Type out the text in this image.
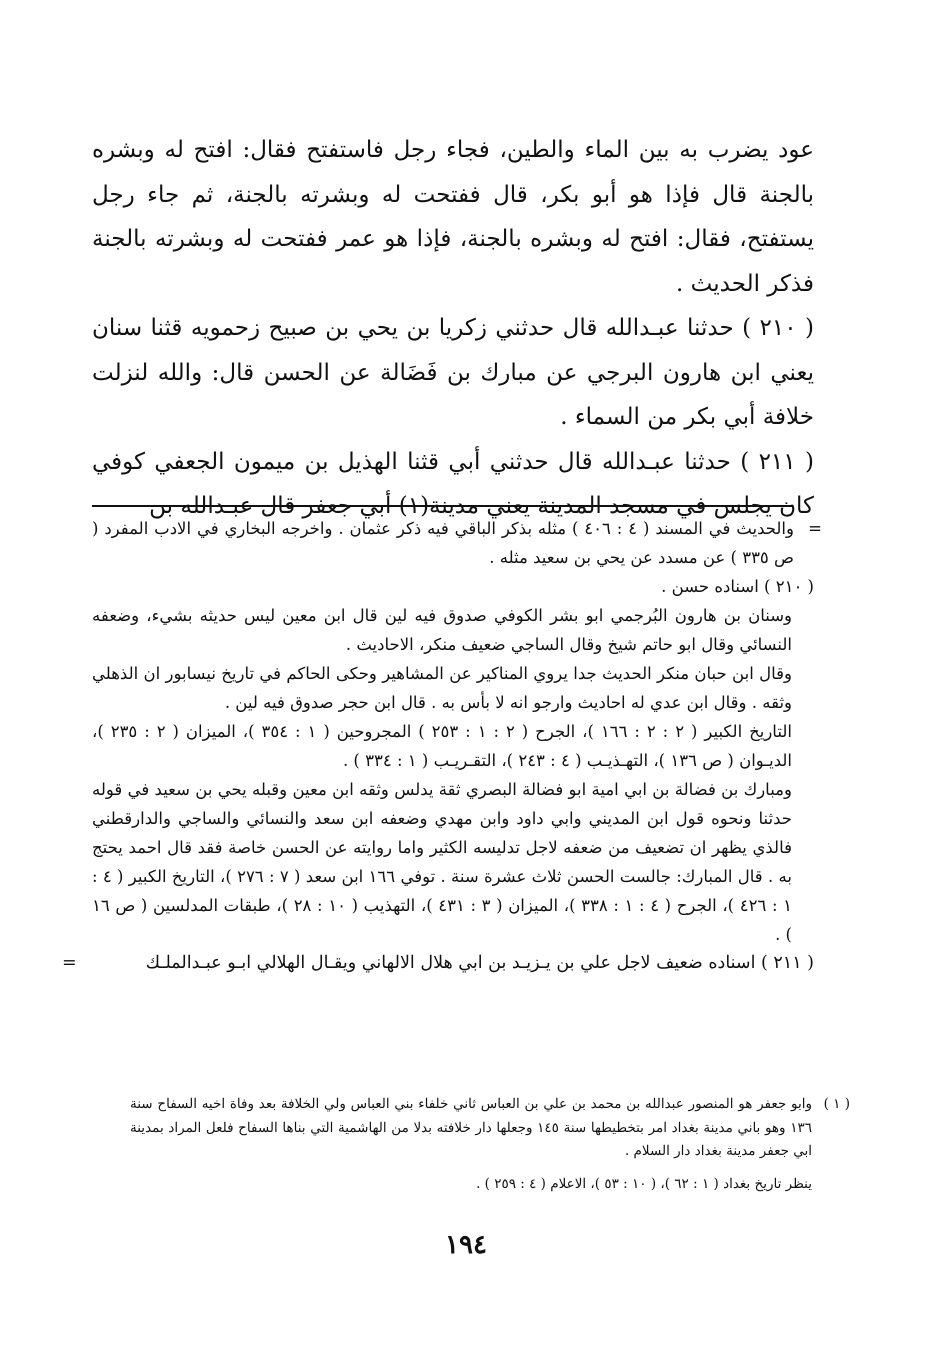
عود يضرب به بين الماء والطين، فجاء رجل فاستفتح فقال: افتح له وبشره بالجنة قال فإذا هو أبو بكر، قال ففتحت له وبشرته بالجنة، ثم جاء رجل يستفتح، فقال: افتح له وبشره بالجنة، فإذا هو عمر ففتحت له وبشرته بالجنة فذكر الحديث .

( ٢١٠ ) حدثنا عبـدالله قال حدثني زكريا بن يحي بن صبيح زحمويه قثنا سنان يعني ابن هارون البرجي عن مبارك بن فَضَالة عن الحسن قال: والله لنزلت خلافة أبي بكر من السماء .

( ٢١١ ) حدثنا عبـدالله قال حدثني أبي قثنا الهذيل بن ميمون الجعفي كوفي كان يجلس في مسجد المدينة يعني مدينة(١) أبي جعفر قال عبـدالله بن

=
والحديث في المسند ( ٤ : ٤٠٦ ) مثله بذكر الباقي فيه ذكر عثمان . واخرجه البخاري في الادب المفرد ( ص ٣٣٥ ) عن مسدد عن يحي بن سعيد مثله .

( ٢١٠ ) اسناده حسن .

وسنان بن هارون البُرجمي ابو بشر الكوفي صدوق فيه لين قال ابن معين ليس حديثه بشيء، وضعفه النسائي وقال ابو حاتم شيخ وقال الساجي ضعيف منكر، الاحاديث .

وقال ابن حبان منكر الحديث جدا يروي المناكير عن المشاهير وحكى الحاكم في تاريخ نيسابور ان الذهلي وثقه . وقال ابن عدي له احاديث وارجو انه لا بأس به . قال ابن حجر صدوق فيه لين .

التاريخ الكبير ( ٢ : ٢ : ١٦٦ )، الجرح ( ٢ : ١ : ٢٥٣ ) المجروحين ( ١ : ٣٥٤ )، الميزان ( ٢ : ٢٣٥ )، الديـوان ( ص ١٣٦ )، التهـذيـب ( ٤ : ٢٤٣ )، التقـريـب ( ١ : ٣٣٤ ) .

ومبارك بن فضالة بن ابي امية ابو فضالة البصري ثقة يدلس وثقه ابن معين وقبله يحي بن سعيد في قوله حدثنا ونحوه قول ابن المديني وابي داود وابن مهدي وضعفه ابن سعد والنسائي والساجي والدارقطني فالذي يظهر ان تضعيف من ضعفه لاجل تدليسه الكثير واما روايته عن الحسن خاصة فقد قال احمد يحتج به . قال المبارك: جالست الحسن ثلاث عشرة سنة . توفي ١٦٦ ابن سعد ( ٧ : ٢٧٦ )، التاريخ الكبير ( ٤ : ١ : ٤٢٦ )، الجرح ( ٤ : ١ : ٣٣٨ )، الميزان ( ٣ : ٤٣١ )، التهذيب ( ١٠ : ٢٨ )، طبقات المدلسين ( ص ١٦ ) .

( ٢١١ ) اسناده ضعيف لاجل علي بن يـزيـد بن ابي هلال الالهاني ويقـال الهلالي ابـو عبـدالملـك
=

( ١ )

وابو جعفر هو المنصور عبدالله بن محمد بن علي بن العباس ثاني خلفاء بني العباس ولي الخلافة بعد وفاة اخيه السفاح سنة ١٣٦ وهو باني مدينة بغداد امر بتخطيطها سنة ١٤٥ وجعلها دار خلافته بدلا من الهاشمية التي بناها السفاح فلعل المراد بمدينة ابي جعفر مدينة بغداد دار السلام .

ينظر تاريخ بغداد ( ١ : ٦٢ )، ( ١٠ : ٥٣ )، الاعلام ( ٤ : ٢٥٩ ) .

١٩٤
